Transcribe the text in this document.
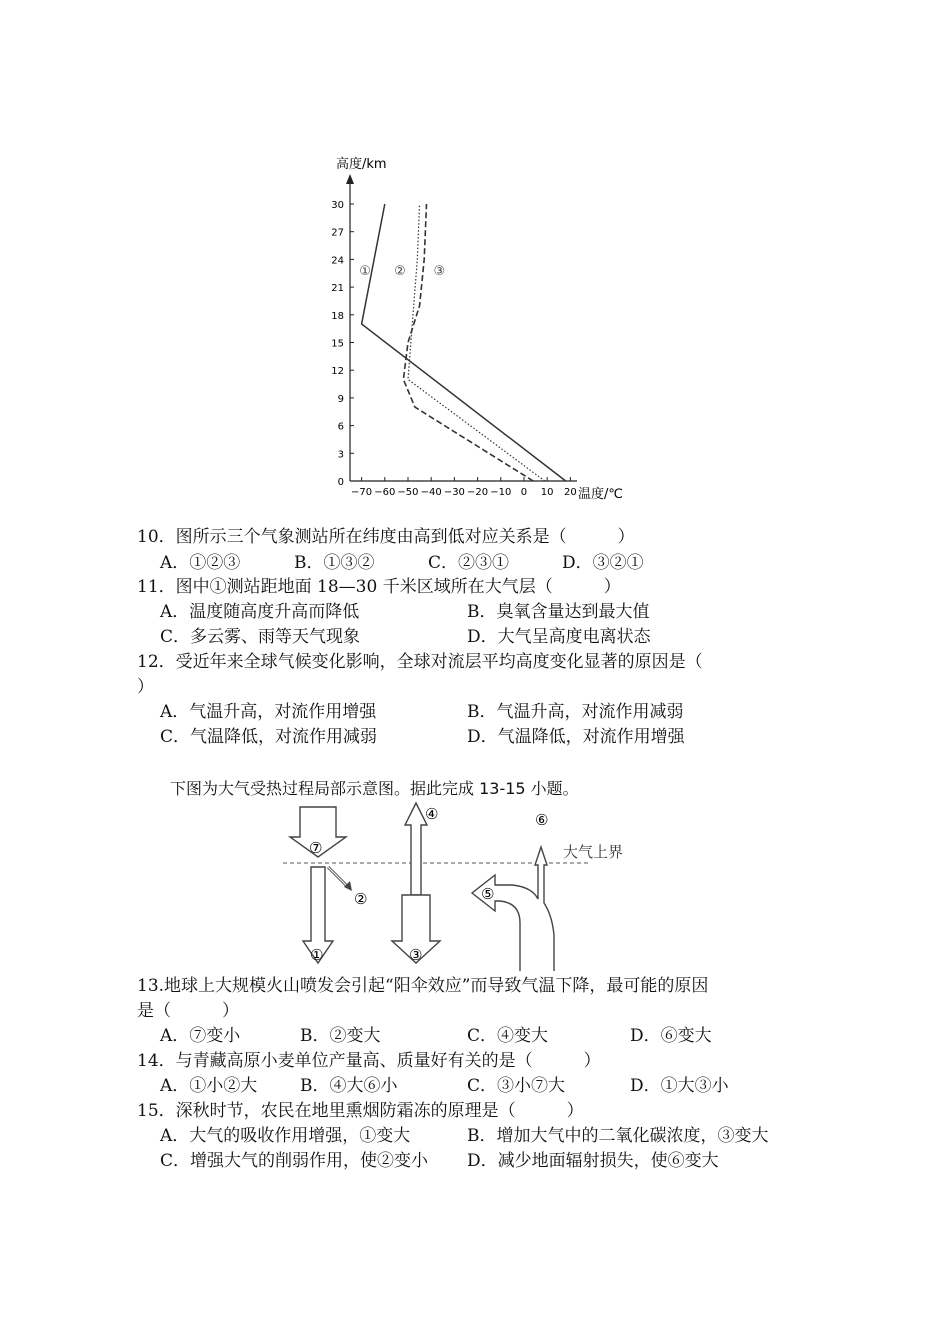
0
3
6
9
12
15
18
21
24
27
30
−70 −60 −50 −40 −30 −20 −10 0 10 20
① ② ③
高度/km
温度/℃
10．图所示三个气象测站所在纬度由高到低对应关系是（　　　）
A．①②③	B．①③②	C．②③①	D．③②①
11．图中①测站距地面 18—30 千米区域所在大气层（　　　）
A．温度随高度升高而降低	B．臭氧含量达到最大值
C．多云雾、雨等天气现象	D．大气呈高度电离状态
12．受近年来全球气候变化影响，全球对流层平均高度变化显著的原因是（
）
A．气温升高，对流作用增强	B．气温升高，对流作用减弱
C．气温降低，对流作用减弱	D．气温降低，对流作用增强
下图为大气受热过程局部示意图。据此完成 13-15 小题。
大气上界
⑦
①
②
④
③
⑤
⑥
13.地球上大规模火山喷发会引起“阳伞效应”而导致气温下降，最可能的原因
是（　　　）
A．⑦变小	B．②变大	C．④变大	D．⑥变大
14．与青藏高原小麦单位产量高、质量好有关的是（　　　）
A．①小②大	B．④大⑥小	C．③小⑦大	D．①大③小
15．深秋时节，农民在地里熏烟防霜冻的原理是（　　　）
A．大气的吸收作用增强，①变大	B．增加大气中的二氧化碳浓度，③变大
C．增强大气的削弱作用，使②变小 D．减少地面辐射损失，使⑥变大
